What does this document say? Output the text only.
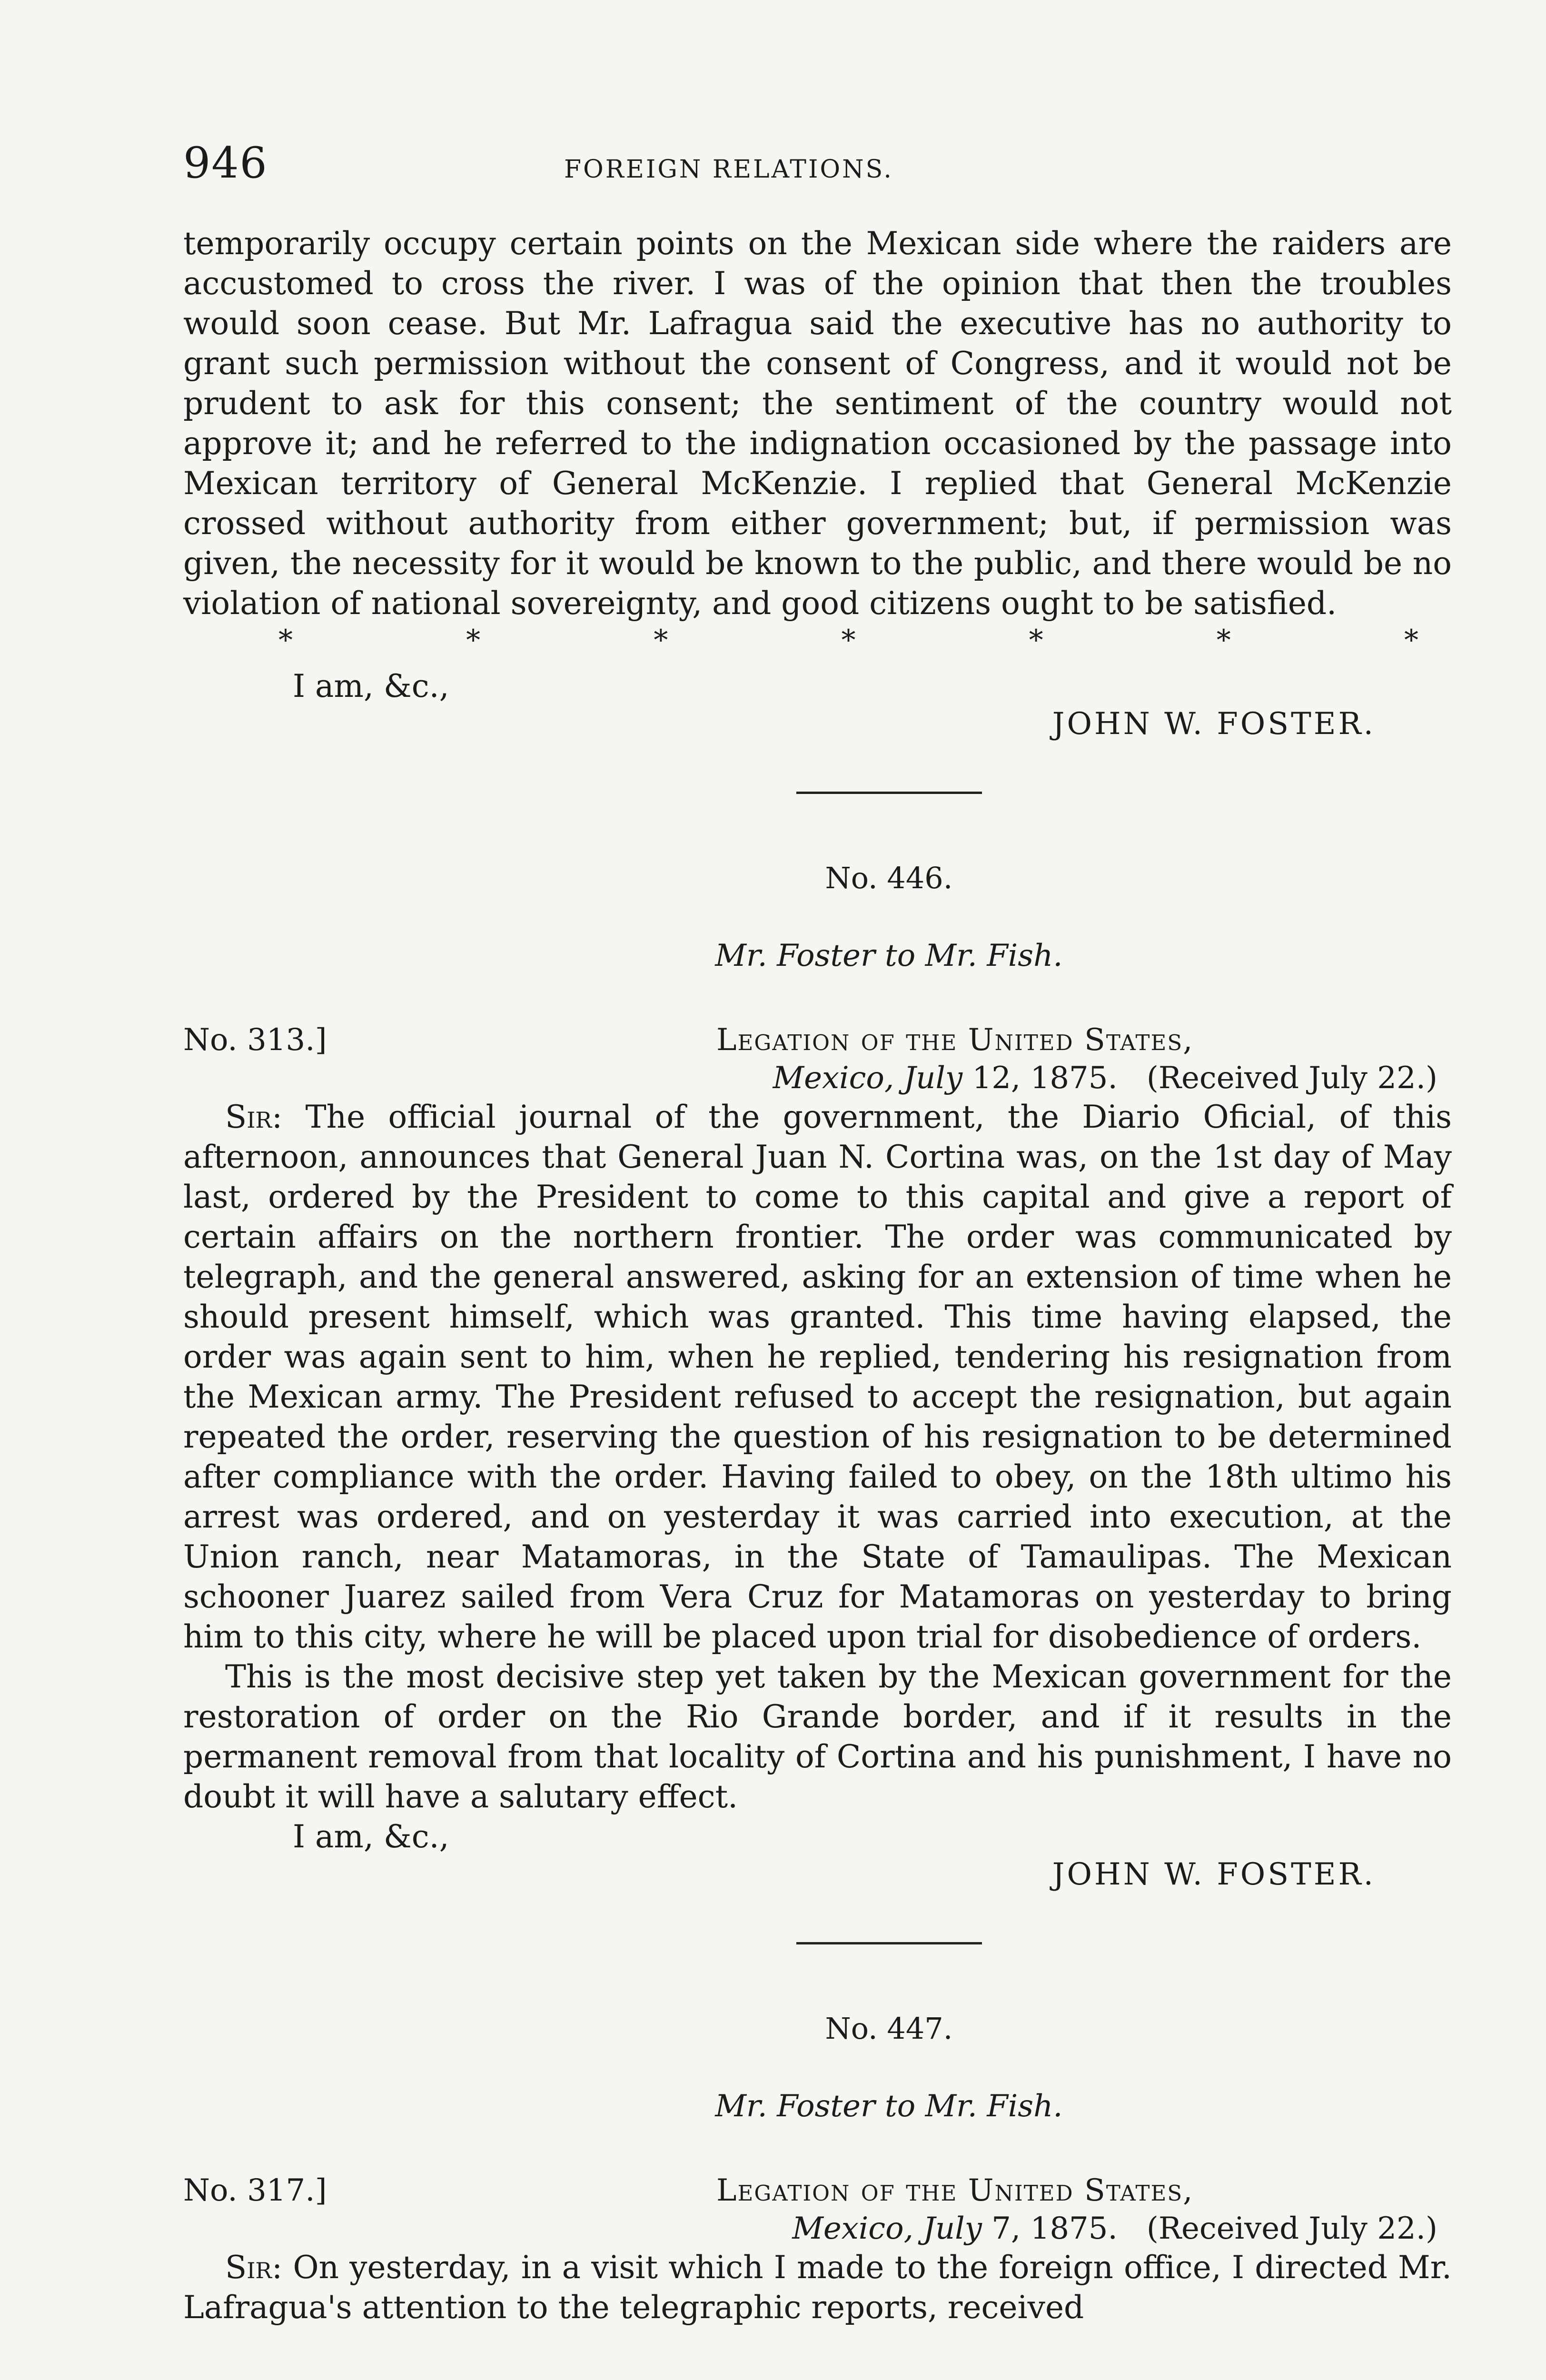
946	FOREIGN RELATIONS.

temporarily occupy certain points on the Mexican side where the raiders are accustomed to cross the river. I was of the opinion that then the troubles would soon cease. But Mr. Lafragua said the executive has no authority to grant such permission without the consent of Congress, and it would not be prudent to ask for this consent; the sentiment of the country would not approve it; and he referred to the indignation occasioned by the passage into Mexican territory of General McKenzie. I replied that General McKenzie crossed without authority from either government; but, if permission was given, the necessity for it would be known to the public, and there would be no violation of national sovereignty, and good citizens ought to be satisfied.

*	*	*	*	*	*	*
I am, &c.,
JOHN W. FOSTER.
No. 446.
Mr. Foster to Mr. Fish.
No. 313.]	Legation of the United States,
Mexico, July 12, 1875. (Received July 22.)

Sir: The official journal of the government, the Diario Oficial, of this afternoon, announces that General Juan N. Cortina was, on the 1st day of May last, ordered by the President to come to this capital and give a report of certain affairs on the northern frontier. The order was communicated by telegraph, and the general answered, asking for an extension of time when he should present himself, which was granted. This time having elapsed, the order was again sent to him, when he replied, tendering his resignation from the Mexican army. The President refused to accept the resignation, but again repeated the order, reserving the question of his resignation to be determined after compliance with the order. Having failed to obey, on the 18th ultimo his arrest was ordered, and on yesterday it was carried into execution, at the Union ranch, near Matamoras, in the State of Tamaulipas. The Mexican schooner Juarez sailed from Vera Cruz for Matamoras on yesterday to bring him to this city, where he will be placed upon trial for disobedience of orders.

This is the most decisive step yet taken by the Mexican government for the restoration of order on the Rio Grande border, and if it results in the permanent removal from that locality of Cortina and his punishment, I have no doubt it will have a salutary effect.

I am, &c.,
JOHN W. FOSTER.
No. 447.
Mr. Foster to Mr. Fish.
No. 317.]	Legation of the United States,
Mexico, July 7, 1875. (Received July 22.)

Sir: On yesterday, in a visit which I made to the foreign office, I directed Mr. Lafragua's attention to the telegraphic reports, received
